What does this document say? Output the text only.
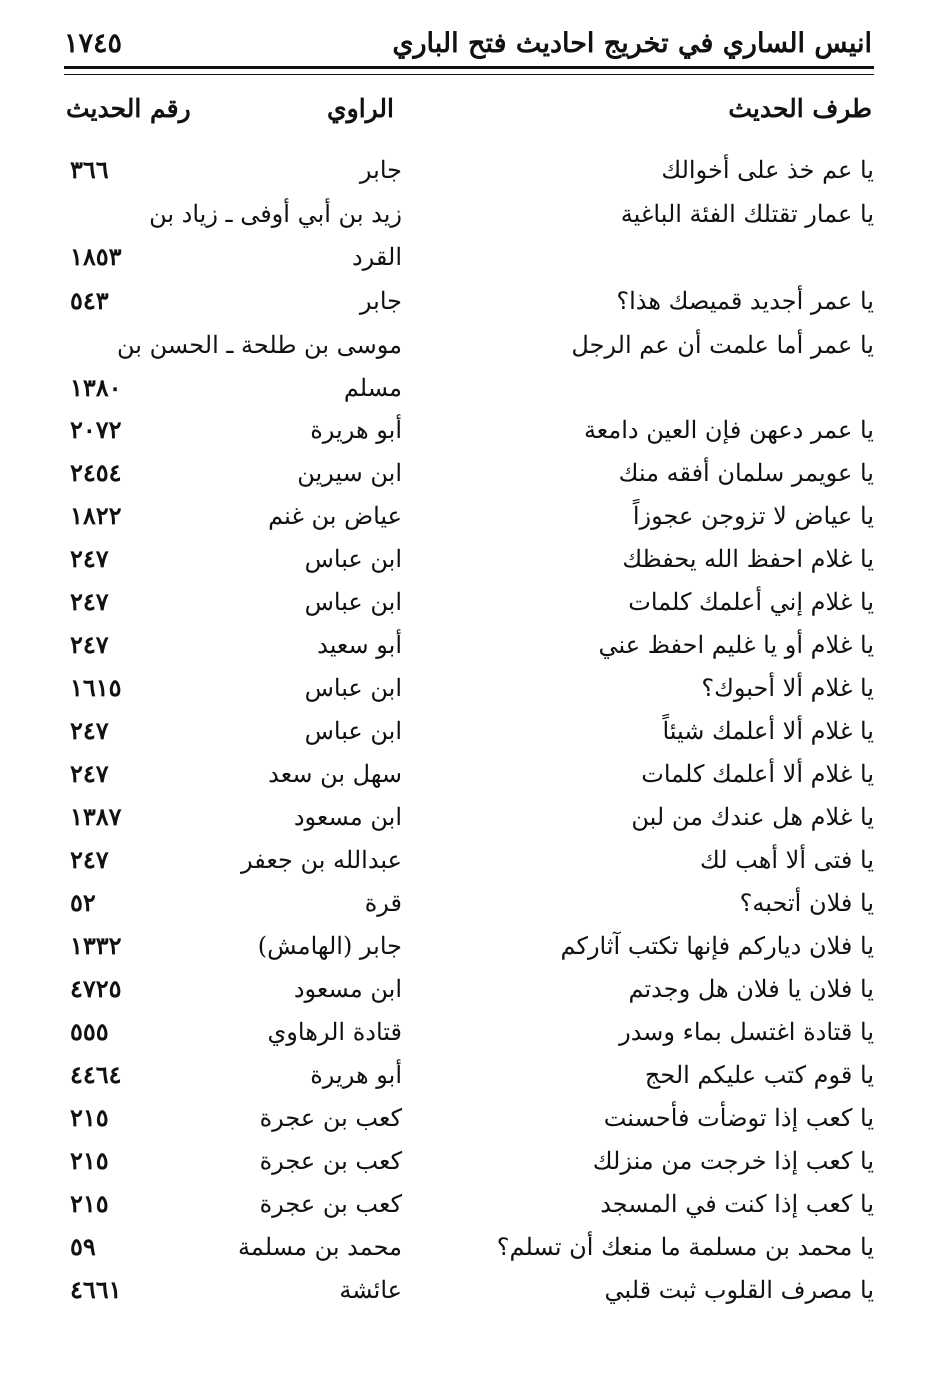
انيس الساري في تخريج احاديث فتح الباري
١٧٤٥
طرف الحديث
الراوي
رقم الحديث
يا عم خذ على أخوالك
جابر
٣٦٦
يا عمار تقتلك الفئة الباغية
زيد بن أبي أوفى ـ زياد بن
القرد
١٨٥٣
يا عمر أجديد قميصك هذا؟
جابر
٥٤٣
يا عمر أما علمت أن عم الرجل
موسى بن طلحة ـ الحسن بن
مسلم
١٣٨٠
يا عمر دعهن فإن العين دامعة
أبو هريرة
٢٠٧٢
يا عويمر سلمان أفقه منك
ابن سيرين
٢٤٥٤
يا عياض لا تزوجن عجوزاً
عياض بن غنم
١٨٢٢
يا غلام احفظ الله يحفظك
ابن عباس
٢٤٧
يا غلام إني أعلمك كلمات
ابن عباس
٢٤٧
يا غلام أو يا غليم احفظ عني
أبو سعيد
٢٤٧
يا غلام ألا أحبوك؟
ابن عباس
١٦١٥
يا غلام ألا أعلمك شيئاً
ابن عباس
٢٤٧
يا غلام ألا أعلمك كلمات
سهل بن سعد
٢٤٧
يا غلام هل عندك من لبن
ابن مسعود
١٣٨٧
يا فتى ألا أهب لك
عبدالله بن جعفر
٢٤٧
يا فلان أتحبه؟
قرة
٥٢
يا فلان دياركم فإنها تكتب آثاركم
جابر (الهامش)
١٣٣٢
يا فلان يا فلان هل وجدتم
ابن مسعود
٤٧٢٥
يا قتادة اغتسل بماء وسدر
قتادة الرهاوي
٥٥٥
يا قوم كتب عليكم الحج
أبو هريرة
٤٤٦٤
يا كعب إذا توضأت فأحسنت
كعب بن عجرة
٢١٥
يا كعب إذا خرجت من منزلك
كعب بن عجرة
٢١٥
يا كعب إذا كنت في المسجد
كعب بن عجرة
٢١٥
يا محمد بن مسلمة ما منعك أن تسلم؟
محمد بن مسلمة
٥٩
يا مصرف القلوب ثبت قلبي
عائشة
٤٦٦١
